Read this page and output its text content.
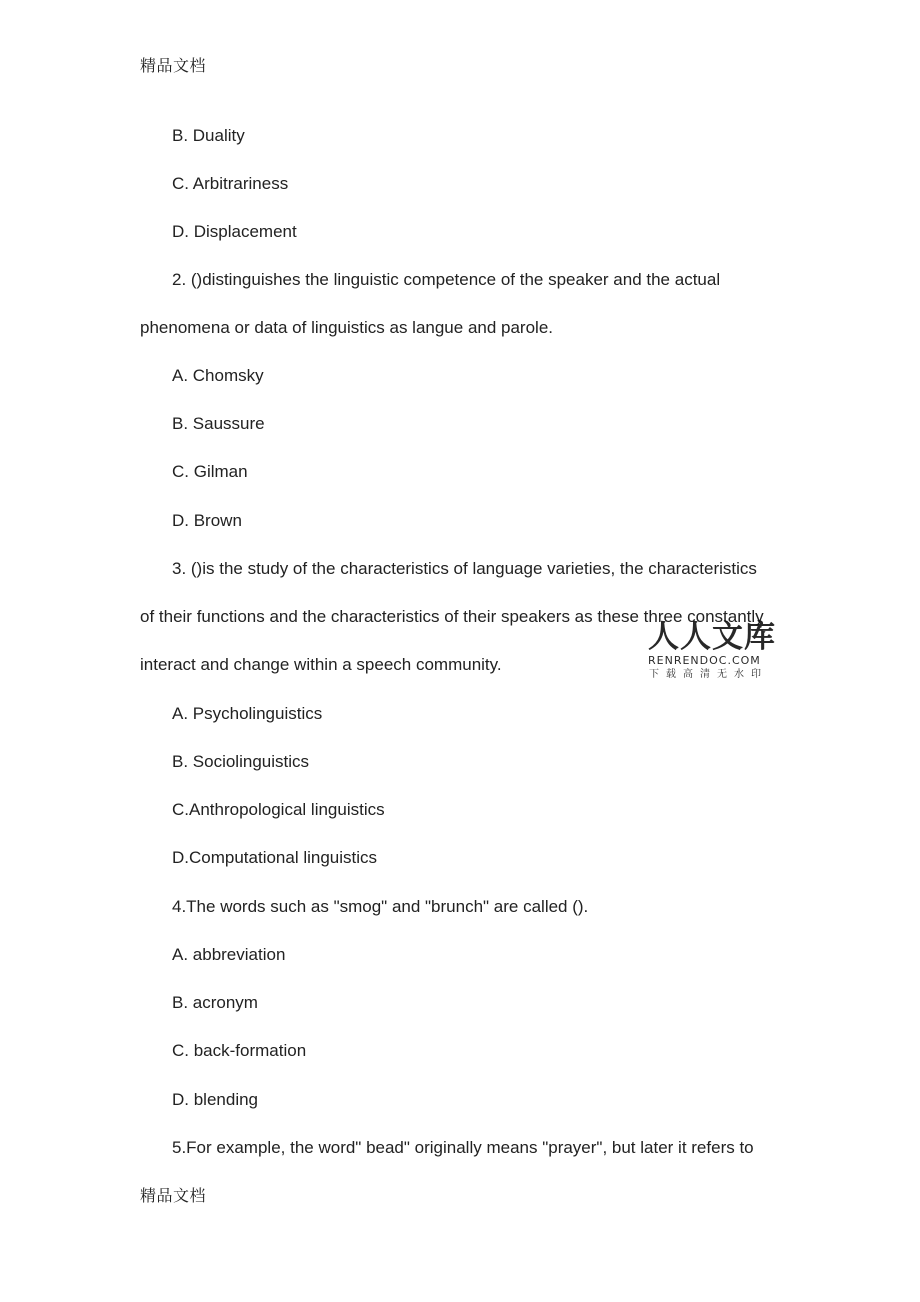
精品文档
B. Duality
C. Arbitrariness
D. Displacement
2. ()distinguishes the linguistic competence of the speaker and the actual
phenomena or data of linguistics as langue and parole.
A. Chomsky
B. Saussure
C. Gilman
D. Brown
3. ()is the study of the characteristics of language varieties, the characteristics
of their functions and the characteristics of their speakers as these three constantly
interact and change within a speech community.
A. Psycholinguistics
B. Sociolinguistics
C.Anthropological linguistics
D.Computational linguistics
4.The words such as "smog" and "brunch" are called ().
A. abbreviation
B. acronym
C. back-formation
D. blending
5.For example, the word" bead" originally means "prayer", but later it refers to
精品文档
人人文库
RENRENDOC.COM
下载高清无水印
